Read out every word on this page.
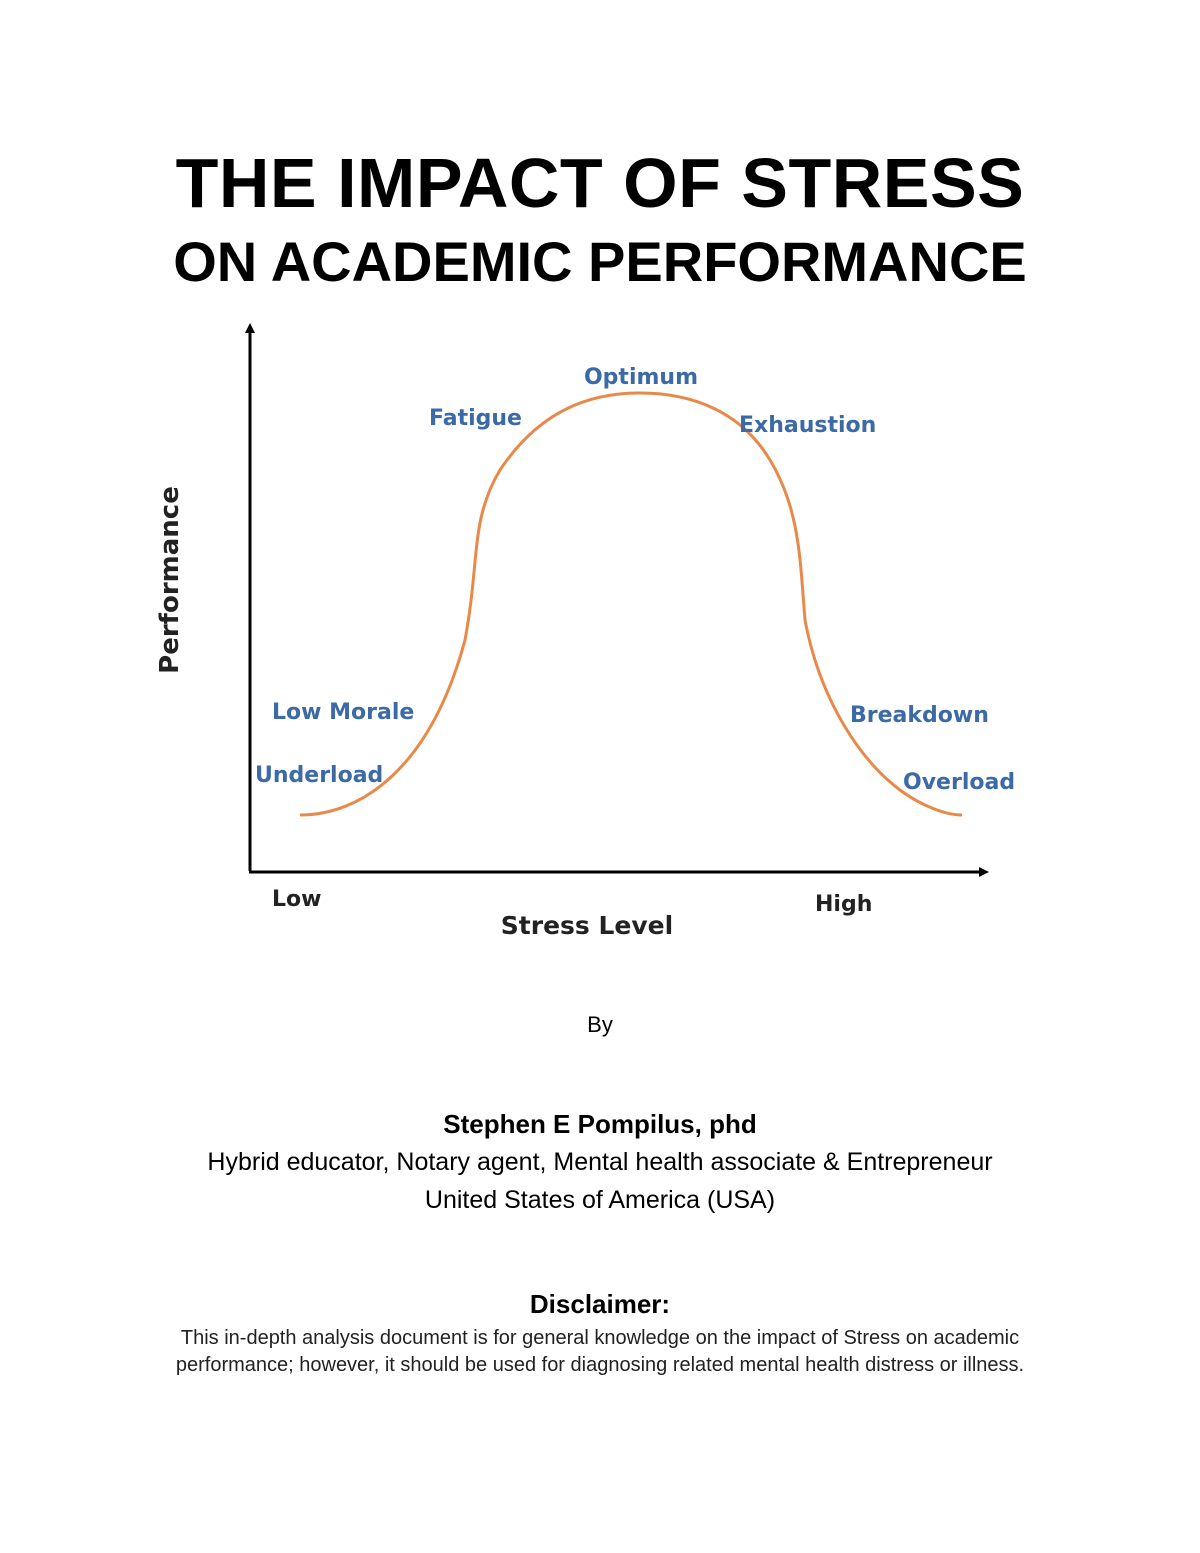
THE IMPACT OF STRESS
ON ACADEMIC PERFORMANCE
Optimum
Fatigue	Exhaustion
Low Morale
Underload
Breakdown
Overload
Performance
Low	High
Stress Level
By
Stephen E Pompilus, phd
Hybrid educator, Notary agent, Mental health associate & Entrepreneur
United States of America (USA)
Disclaimer:
This in-depth analysis document is for general knowledge on the impact of Stress on academic performance; however, it should be used for diagnosing related mental health distress or illness.
